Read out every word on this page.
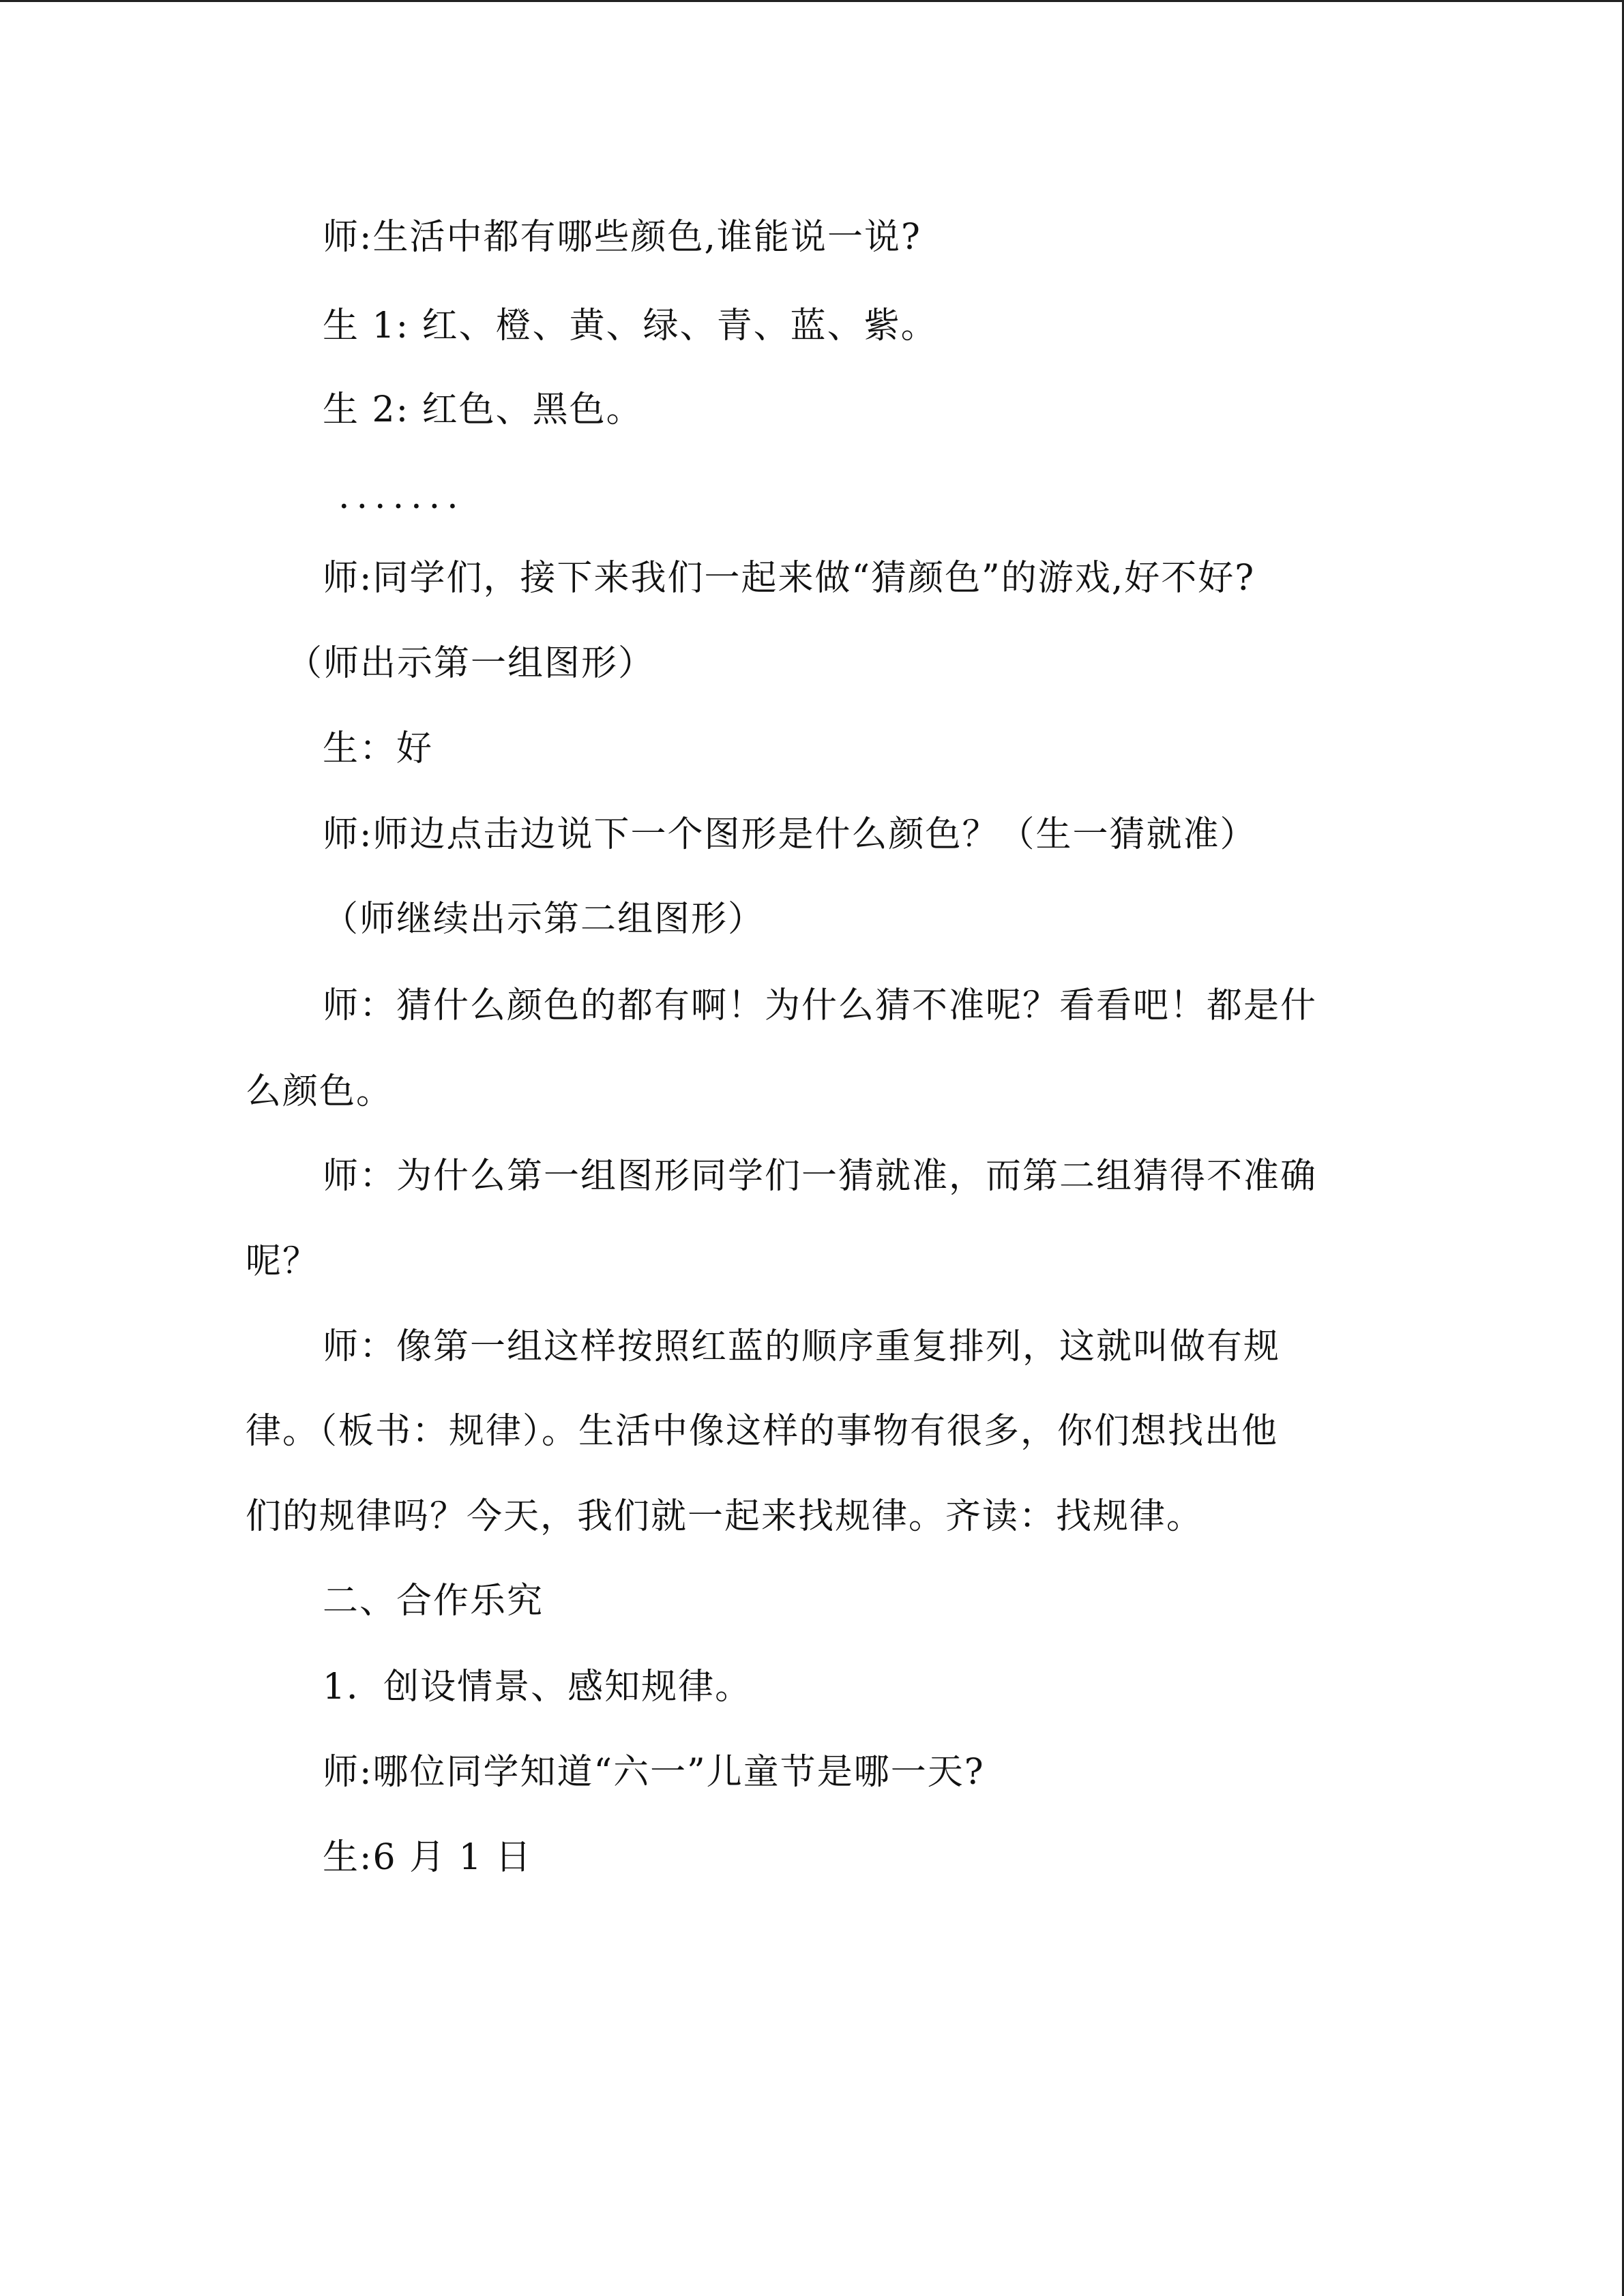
师:生活中都有哪些颜色,谁能说一说?
生 1: 红、橙、黄、绿、青、蓝、紫。
生 2: 红色、黑色。
.......
师:同学们，接下来我们一起来做“猜颜色”的游戏,好不好?
（师出示第一组图形）
生：好
师:师边点击边说下一个图形是什么颜色？（生一猜就准）
（师继续出示第二组图形）
师：猜什么颜色的都有啊！为什么猜不准呢？看看吧！都是什
么颜色。
师：为什么第一组图形同学们一猜就准，而第二组猜得不准确
呢？
师：像第一组这样按照红蓝的顺序重复排列，这就叫做有规
律。（板书：规律）。生活中像这样的事物有很多，你们想找出他
们的规律吗？今天，我们就一起来找规律。齐读：找规律。
二、合作乐究
1．创设情景、感知规律。
师:哪位同学知道“六一”儿童节是哪一天?
生:6 月 1 日
